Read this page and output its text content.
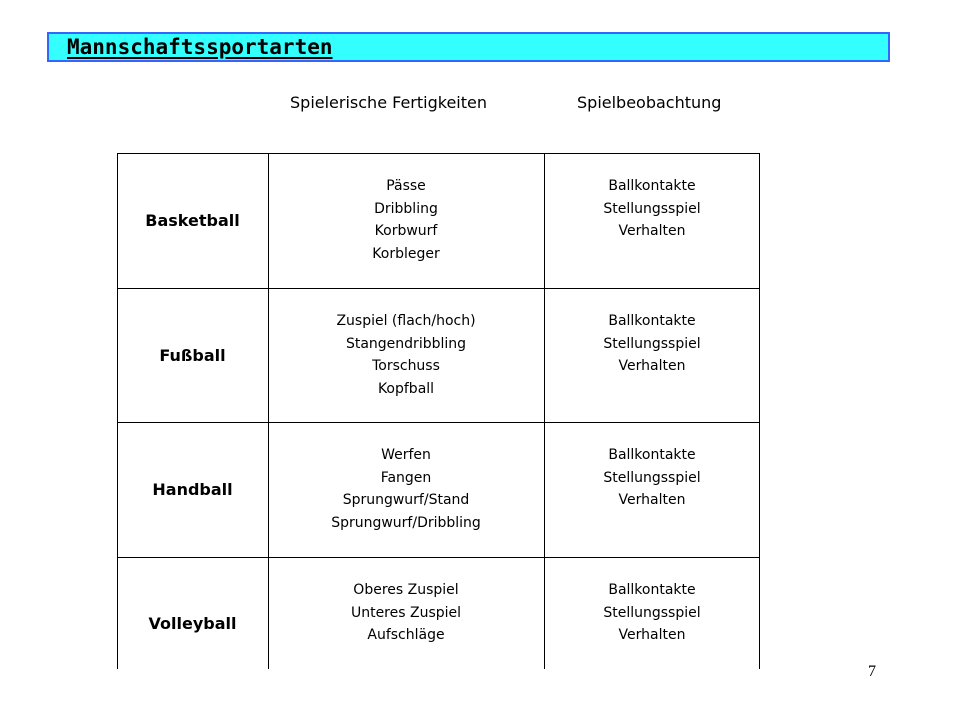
Mannschaftssportarten
Spielerische Fertigkeiten	Spielbeobachtung
Basketball
Pässe
Dribbling
Korbwurf
Korbleger
Ballkontakte
Stellungsspiel
Verhalten
Fußball
Zuspiel (flach/hoch)
Stangendribbling
Torschuss
Kopfball
Ballkontakte
Stellungsspiel
Verhalten
Handball
Werfen
Fangen
Sprungwurf/Stand
Sprungwurf/Dribbling
Ballkontakte
Stellungsspiel
Verhalten
Volleyball
Oberes Zuspiel
Unteres Zuspiel
Aufschläge
Ballkontakte
Stellungsspiel
Verhalten
7
